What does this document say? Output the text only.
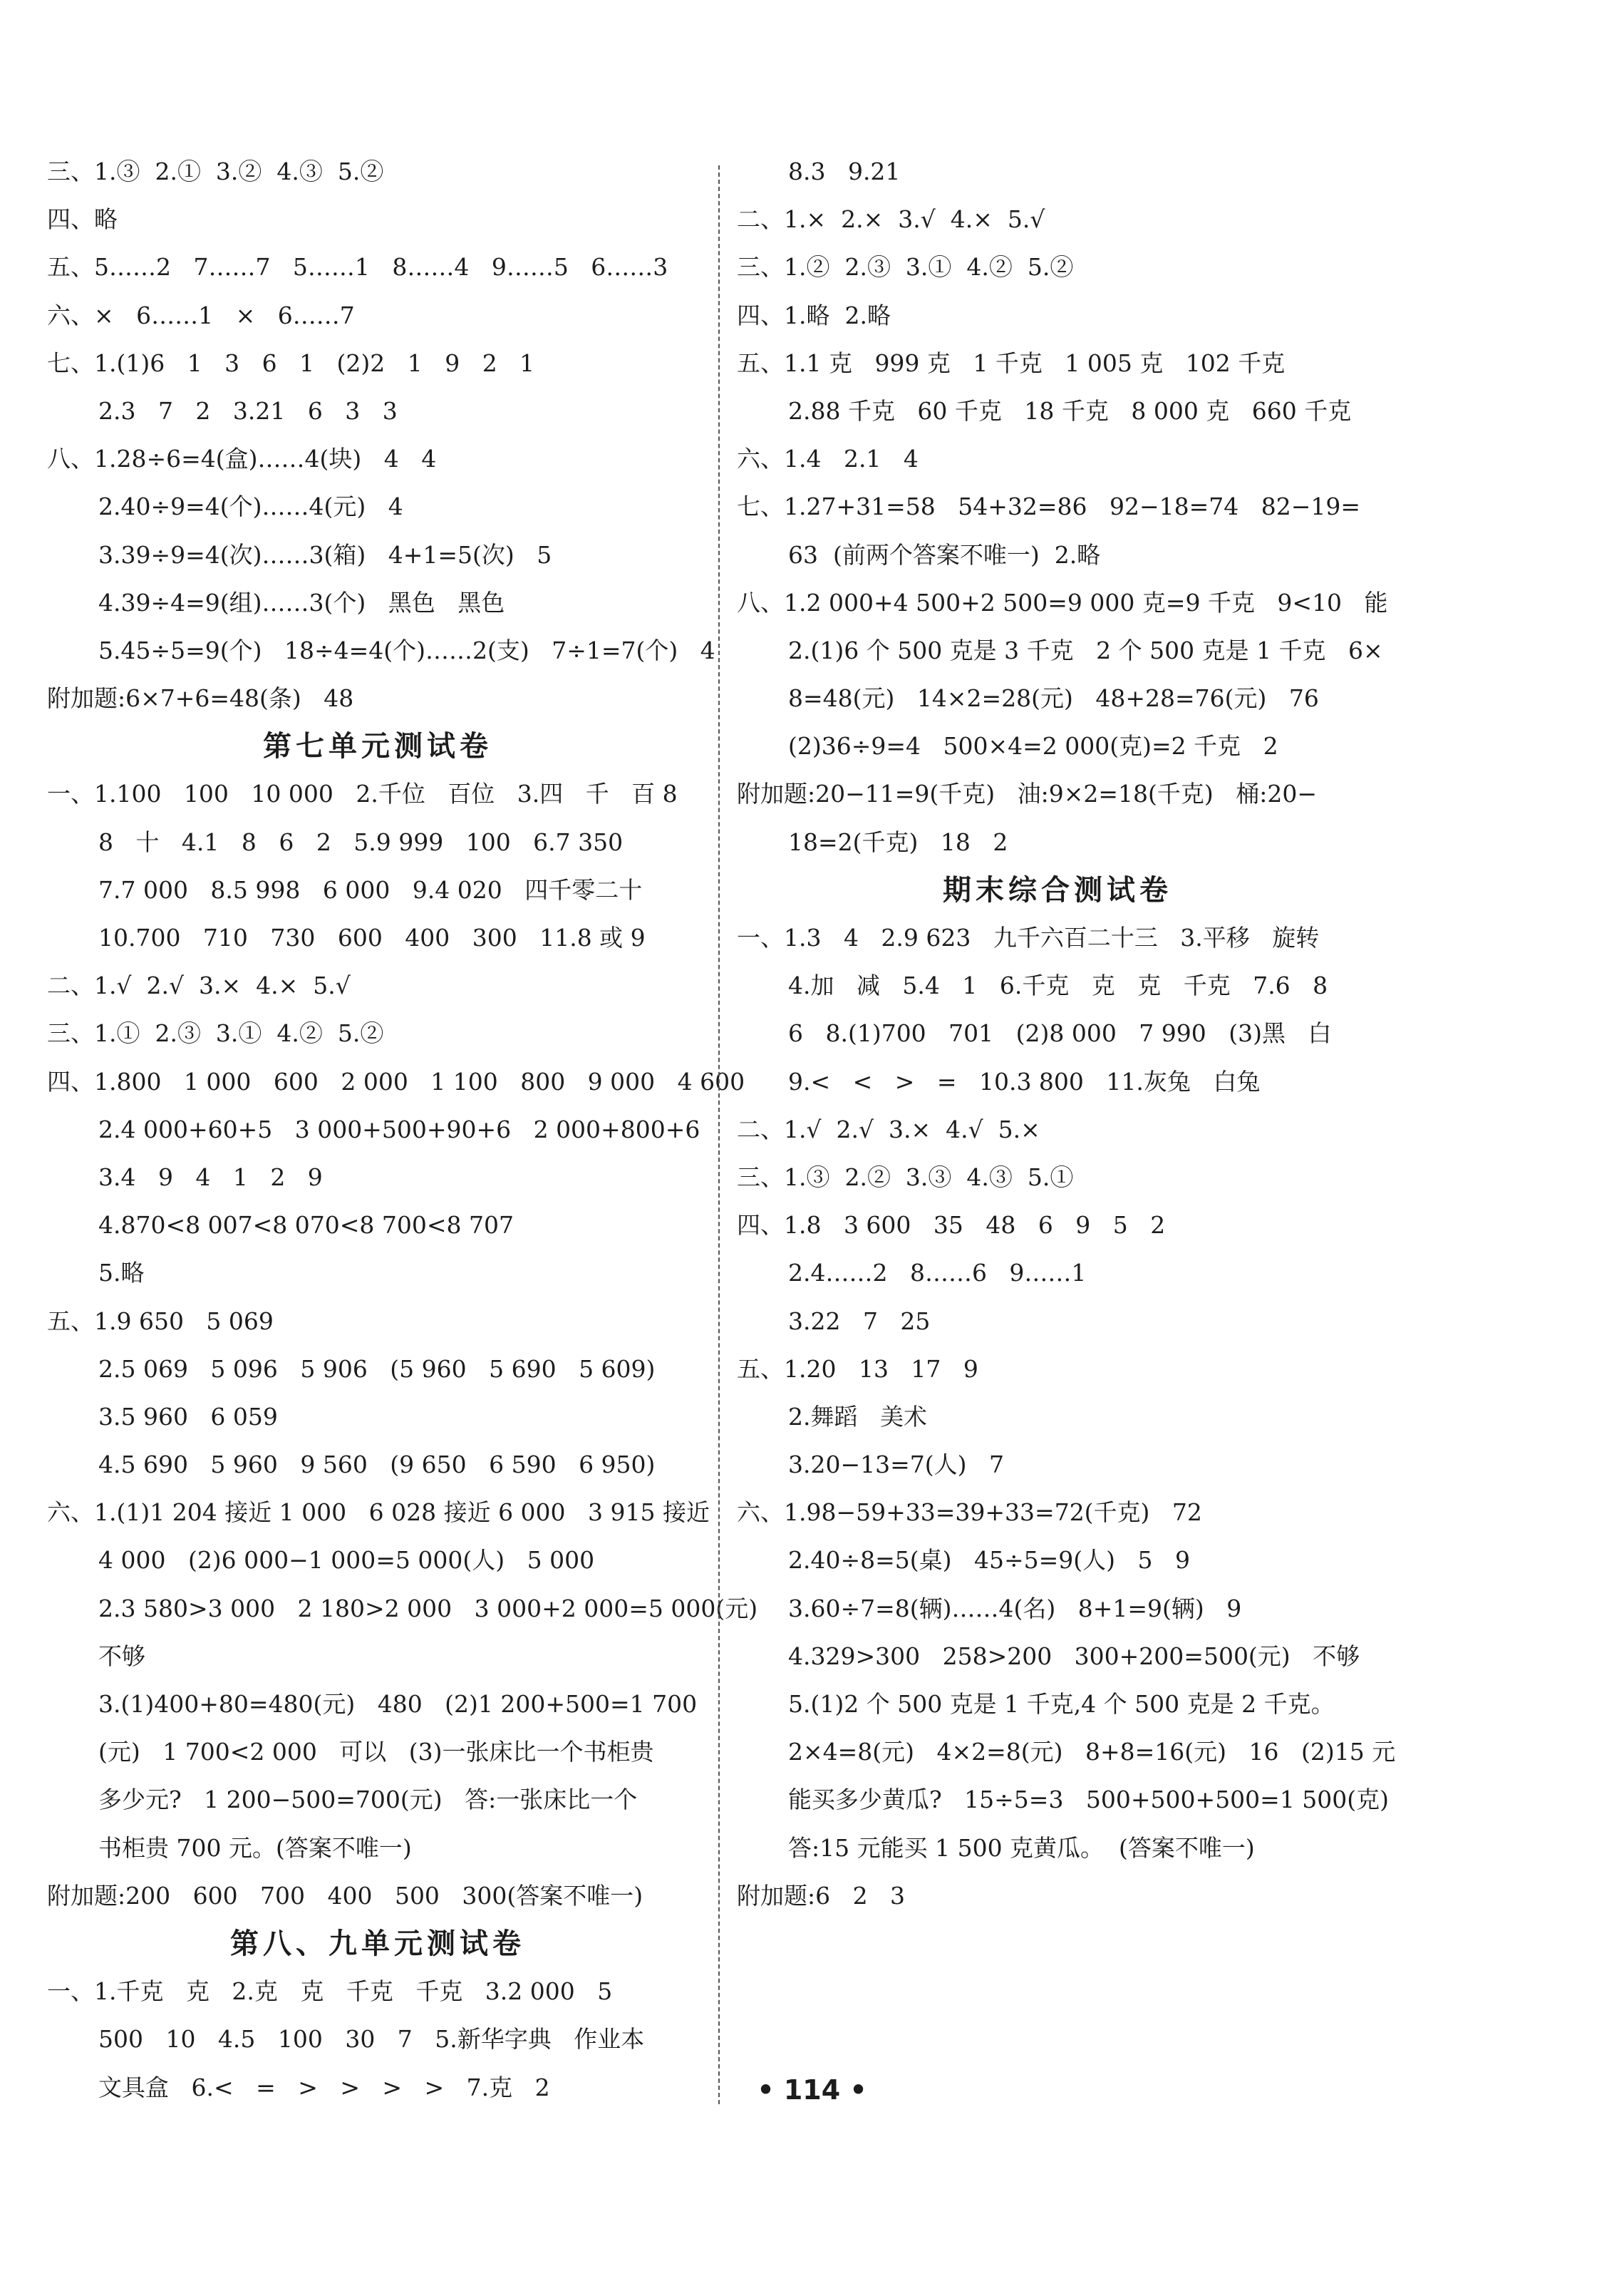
三、1.③  2.①  3.②  4.③  5.②
四、略
五、5……2   7……7   5……1   8……4   9……5   6……3
六、×   6……1   ×   6……7
七、1.(1)6   1   3   6   1   (2)2   1   9   2   1
2.3   7   2   3.21   6   3   3
八、1.28÷6=4(盒)……4(块)   4   4
2.40÷9=4(个)……4(元)   4
3.39÷9=4(次)……3(箱)   4+1=5(次)   5
4.39÷4=9(组)……3(个)   黑色   黑色
5.45÷5=9(个)   18÷4=4(个)……2(支)   7÷1=7(个)   4
附加题:6×7+6=48(条)   48
第七单元测试卷
一、1.100   100   10 000   2.千位   百位   3.四   千   百 8
8   十   4.1   8   6   2   5.9 999   100   6.7 350
7.7 000   8.5 998   6 000   9.4 020   四千零二十
10.700   710   730   600   400   300   11.8 或 9
二、1.√  2.√  3.×  4.×  5.√
三、1.①  2.③  3.①  4.②  5.②
四、1.800   1 000   600   2 000   1 100   800   9 000   4 600
2.4 000+60+5   3 000+500+90+6   2 000+800+6
3.4   9   4   1   2   9
4.870<8 007<8 070<8 700<8 707
5.略
五、1.9 650   5 069
2.5 069   5 096   5 906   (5 960   5 690   5 609)
3.5 960   6 059
4.5 690   5 960   9 560   (9 650   6 590   6 950)
六、1.(1)1 204 接近 1 000   6 028 接近 6 000   3 915 接近
4 000   (2)6 000−1 000=5 000(人)   5 000
2.3 580>3 000   2 180>2 000   3 000+2 000=5 000(元)
不够
3.(1)400+80=480(元)   480   (2)1 200+500=1 700
(元)   1 700<2 000   可以   (3)一张床比一个书柜贵
多少元?   1 200−500=700(元)   答:一张床比一个
书柜贵 700 元。(答案不唯一)
附加题:200   600   700   400   500   300(答案不唯一)
第八、九单元测试卷
一、1.千克   克   2.克   克   千克   千克   3.2 000   5
500   10   4.5   100   30   7   5.新华字典   作业本
文具盒   6.<   =   >   >   >   >   7.克   2
8.3   9.21
二、1.×  2.×  3.√  4.×  5.√
三、1.②  2.③  3.①  4.②  5.②
四、1.略  2.略
五、1.1 克   999 克   1 千克   1 005 克   102 千克
2.88 千克   60 千克   18 千克   8 000 克   660 千克
六、1.4   2.1   4
七、1.27+31=58   54+32=86   92−18=74   82−19=
63  (前两个答案不唯一)  2.略
八、1.2 000+4 500+2 500=9 000 克=9 千克   9<10   能
2.(1)6 个 500 克是 3 千克   2 个 500 克是 1 千克   6×
8=48(元)   14×2=28(元)   48+28=76(元)   76
(2)36÷9=4   500×4=2 000(克)=2 千克   2
附加题:20−11=9(千克)   油:9×2=18(千克)   桶:20−
18=2(千克)   18   2
期末综合测试卷
一、1.3   4   2.9 623   九千六百二十三   3.平移   旋转
4.加   减   5.4   1   6.千克   克   克   千克   7.6   8
6   8.(1)700   701   (2)8 000   7 990   (3)黑   白
9.<   <   >   =   10.3 800   11.灰兔   白兔
二、1.√  2.√  3.×  4.√  5.×
三、1.③  2.②  3.③  4.③  5.①
四、1.8   3 600   35   48   6   9   5   2
2.4……2   8……6   9……1
3.22   7   25
五、1.20   13   17   9
2.舞蹈   美术
3.20−13=7(人)   7
六、1.98−59+33=39+33=72(千克)   72
2.40÷8=5(桌)   45÷5=9(人)   5   9
3.60÷7=8(辆)……4(名)   8+1=9(辆)   9
4.329>300   258>200   300+200=500(元)   不够
5.(1)2 个 500 克是 1 千克,4 个 500 克是 2 千克。
2×4=8(元)   4×2=8(元)   8+8=16(元)   16   (2)15 元
能买多少黄瓜?   15÷5=3   500+500+500=1 500(克)
答:15 元能买 1 500 克黄瓜。  (答案不唯一)
附加题:6   2   3
• 114 •
